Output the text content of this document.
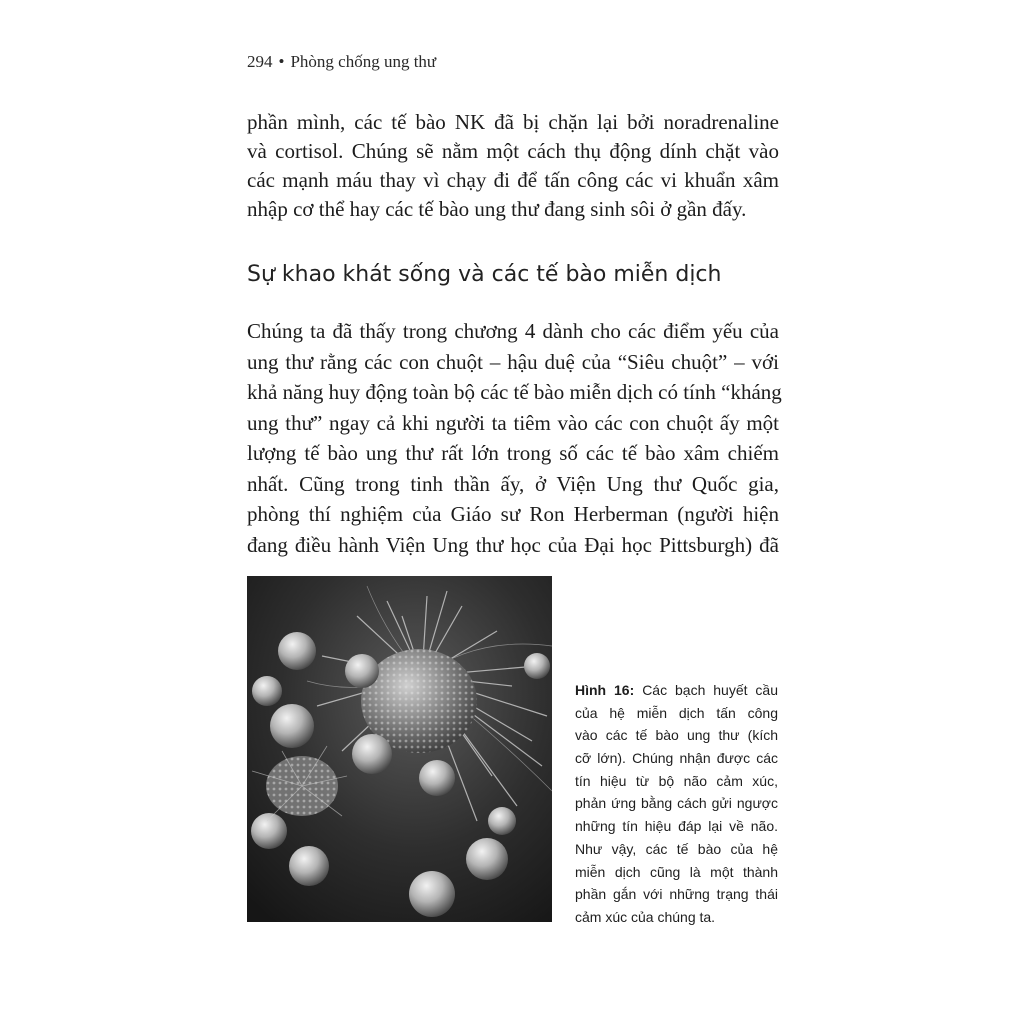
294 • Phòng chống ung thư

phần mình, các tế bào NK đã bị chặn lại bởi noradrenaline
và cortisol. Chúng sẽ nằm một cách thụ động dính chặt vào
các mạnh máu thay vì chạy đi để tấn công các vi khuẩn xâm
nhập cơ thể hay các tế bào ung thư đang sinh sôi ở gần đấy.

Sự khao khát sống và các tế bào miễn dịch

Chúng ta đã thấy trong chương 4 dành cho các điểm yếu của
ung thư rằng các con chuột – hậu duệ của “Siêu chuột” – với
khả năng huy động toàn bộ các tế bào miễn dịch có tính “kháng
ung thư” ngay cả khi người ta tiêm vào các con chuột ấy một
lượng tế bào ung thư rất lớn trong số các tế bào xâm chiếm
nhất. Cũng trong tinh thần ấy, ở Viện Ung thư Quốc gia,
phòng thí nghiệm của Giáo sư Ron Herberman (người hiện
đang điều hành Viện Ung thư học của Đại học Pittsburgh) đã

Hình 16: Các bạch huyết cầu
của hệ miễn dịch tấn công
vào các tế bào ung thư (kích
cỡ lớn). Chúng nhận được các
tín hiệu từ bộ não cảm xúc,
phản ứng bằng cách gửi ngược
những tín hiệu đáp lại về não.
Như vậy, các tế bào của hệ
miễn dịch cũng là một thành
phần gắn với những trạng thái
cảm xúc của chúng ta.
